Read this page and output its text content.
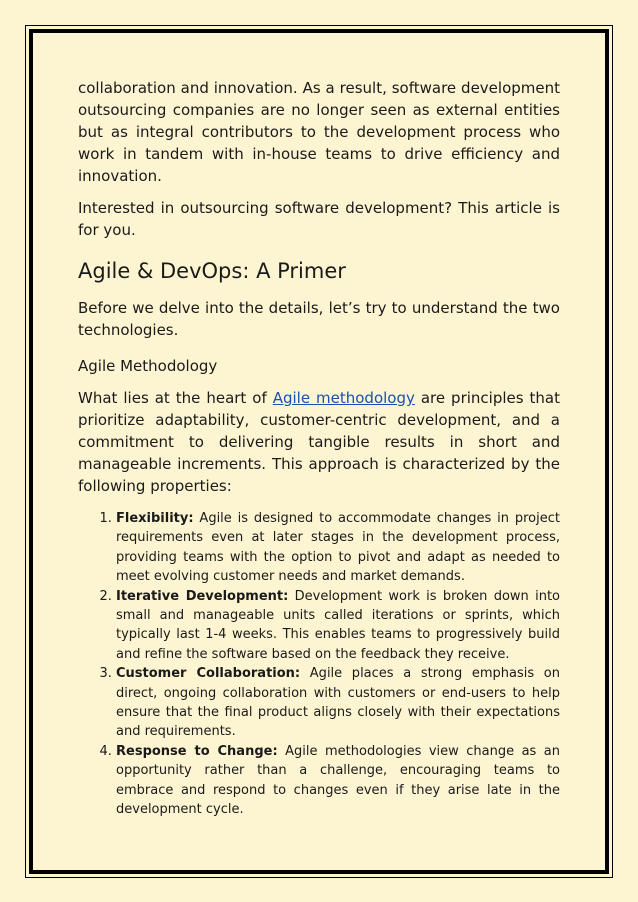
collaboration and innovation. As a result, software development outsourcing companies are no longer seen as external entities but as integral contributors to the development process who work in tandem with in-house teams to drive efficiency and innovation.

Interested in outsourcing software development? This article is for you.

Agile & DevOps: A Primer

Before we delve into the details, let’s try to understand the two technologies.

Agile Methodology

What lies at the heart of Agile methodology are principles that prioritize adaptability, customer-centric development, and a commitment to delivering tangible results in short and manageable increments. This approach is characterized by the following properties:

1. Flexibility: Agile is designed to accommodate changes in project requirements even at later stages in the development process, providing teams with the option to pivot and adapt as needed to meet evolving customer needs and market demands.
2. Iterative Development: Development work is broken down into small and manageable units called iterations or sprints, which typically last 1-4 weeks. This enables teams to progressively build and refine the software based on the feedback they receive.
3. Customer Collaboration: Agile places a strong emphasis on direct, ongoing collaboration with customers or end-users to help ensure that the final product aligns closely with their expectations and requirements.
4. Response to Change: Agile methodologies view change as an opportunity rather than a challenge, encouraging teams to embrace and respond to changes even if they arise late in the development cycle.
